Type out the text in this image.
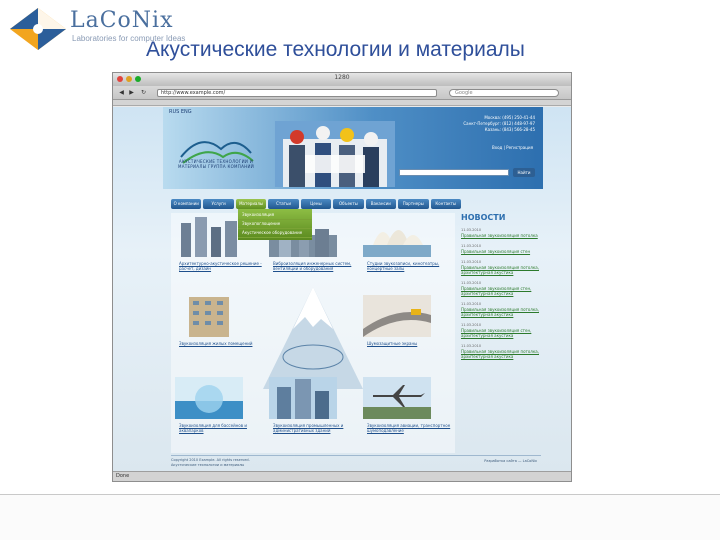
LaCoNix
Laboratories for computer Ideas
Акустические технологии и материалы
1280
◀ ▶	↻	http://www.example.com/	Google
RUS ENG
АКУСТИЧЕСКИЕ ТЕХНОЛОГИИ И МАТЕРИАЛЫ ГРУППА КОМПАНИЙ
Москва: (495) 250-41-44
Санкт-Петербург: (812) 448-97-97
Казань: (843) 566-28-45
Вход | Регистрация
Найти
О компании	Услуги	Материалы	Статьи	Цены	Объекты	Вакансии	Партнеры	Контакты
Архитектурно-акустическое решение - расчет, дизайн
Виброизоляция инженерных систем, вентиляции и оборудования
Студии звукозаписи, кинотеатры, концертные залы
Звукоизоляция жилых помещений	Шумозащитные экраны
Звукоизоляция для бассейнов и аквапарков
Звукоизоляция промышленных и административных зданий
Звукоизоляция авиации, транспортное шумоподавление
Звукоизоляция
Звукопоглощение
Акустическое оборудование
НОВОСТИ
11.03.2010
Правильная звукоизоляция потолка
11.03.2010
Правильная звукоизоляция стен
11.03.2010
Правильная звукоизоляция потолка, архитектурная акустика
11.03.2010
Правильная звукоизоляция стен, архитектурная акустика
11.03.2010
Правильная звукоизоляция потолка, архитектурная акустика
11.03.2010
Правильная звукоизоляция стен, архитектурная акустика
11.03.2010
Правильная звукоизоляция потолка, архитектурная акустика
Copyright 2010 Example. All rights reserved.
Акустические технологии и материалы
Разработка сайта — LaCoNix
Done
